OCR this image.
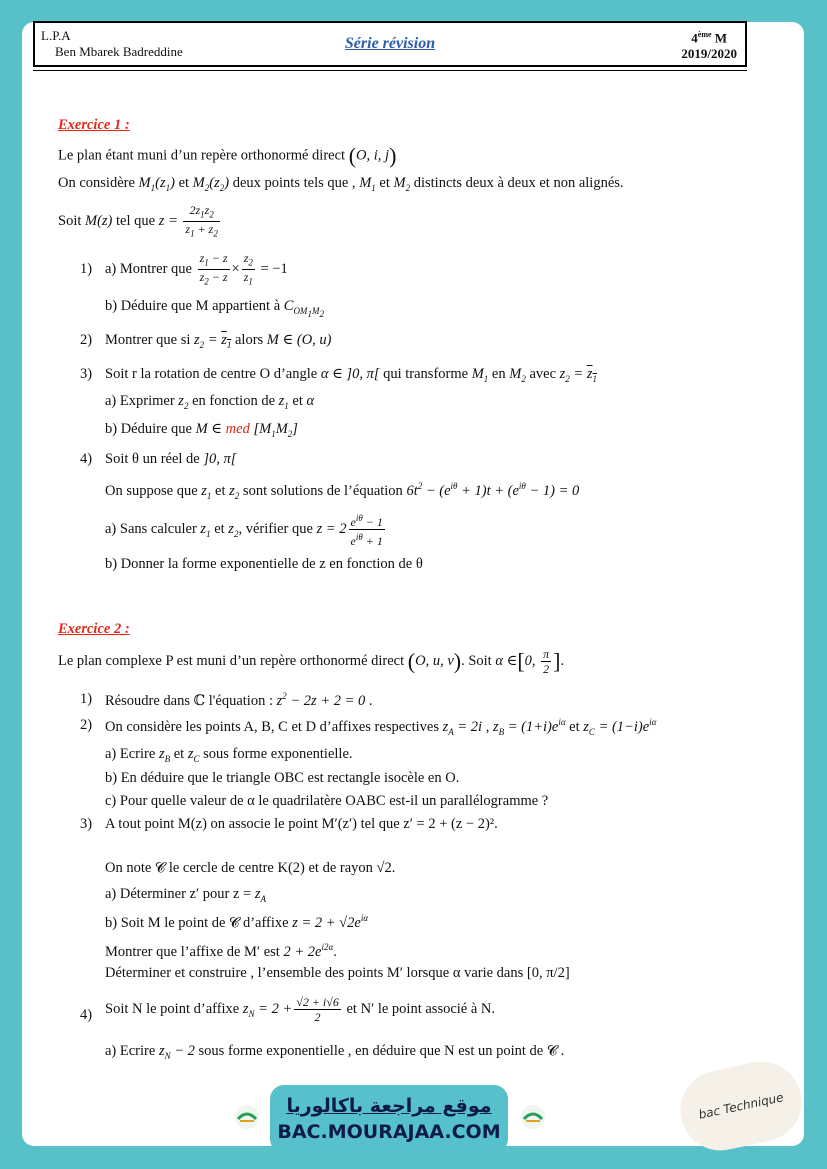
L.P.A
Ben Mbarek Badreddine	Série révision	4ème M
2019/2020
Exercice 1 :
Le plan étant muni d’un repère orthonormé direct (O, i, j)
On considère $M_1(z_1)$ et $M_2(z_2)$ deux points tels que , $M_1$ et $M_2$ distincts deux à deux et non alignés.
Soit M(z) tel que $z = \frac{2z_1z_2}{z_1 + z_2}$
1) a) Montrer que $\frac{z_1 - z}{z_2 - z} \times \frac{z_2}{z_1} = -1$
b) Déduire que M appartient à $C_{OM_1M_2}$
2) Montrer que si $z_2 = z_1$ alors M ∈ (O, u)
3) Soit r la rotation de centre O d’angle α ∈ ]0, π[ qui transforme $M_1$ en $M_2$ avec $z_2 = z_1$
a) Exprimer $z_2$ en fonction de $z_1$ et α
b) Déduire que M ∈ med $[M_1M_2]$
4) Soit θ un réel de ]0, π[
On suppose que $z_1$ et $z_2$ sont solutions de l’équation $6t^2 - (e^{i\theta} + 1)t + (e^{i\theta} - 1) = 0$
a) Sans calculer $z_1$ et $z_2$, vérifier que $z = 2 \frac{e^{i\theta} - 1}{e^{i\theta} + 1}$
b) Donner la forme exponentielle de z en fonction de θ
Exercice 2 :
Le plan complexe P est muni d’un repère orthonormé direct (O, u, v). Soit α ∈[0, $\frac{\pi}{2}$ ].
1) Résoudre dans ℂ l'équation : $z^2 - 2z + 2 = 0$ .
2) On considère les points A, B, C et D d’affixes respectives $z_A = 2i$ , $z_B = (1+i)e^{i\alpha}$ et $z_C = (1-i)e^{i\alpha}$
a) Ecrire $z_B$ et $z_C$ sous forme exponentielle.
b) En déduire que le triangle OBC est rectangle isocèle en O.
c) Pour quelle valeur de α le quadrilatère OABC est-il un parallélogramme ?
3) A tout point M(z) on associe le point M′(z′) tel que z′ = 2 + (z − 2)².
On note 𝓒 le cercle de centre K(2) et de rayon √2.
a) Déterminer z′ pour $z = z_A$
b) Soit M le point de 𝓒 d’affixe $z = 2 + √2e^{i\alpha}$
Montrer que l’affixe de M′ est $2 + 2e^{i2\alpha}$.
Déterminer et construire , l’ensemble des points M′ lorsque α varie dans [0, π/2]
4) Soit N le point d’affixe $z_N = 2 + \frac{√2 + i√6}{2}$ et N′ le point associé à N.
a) Ecrire $z_N - 2$ sous forme exponentielle , en déduire que N est un point de 𝓒 .
موقع مراجعة باكالوريا
BAC.MOURAJAA.COM
bac Technique
